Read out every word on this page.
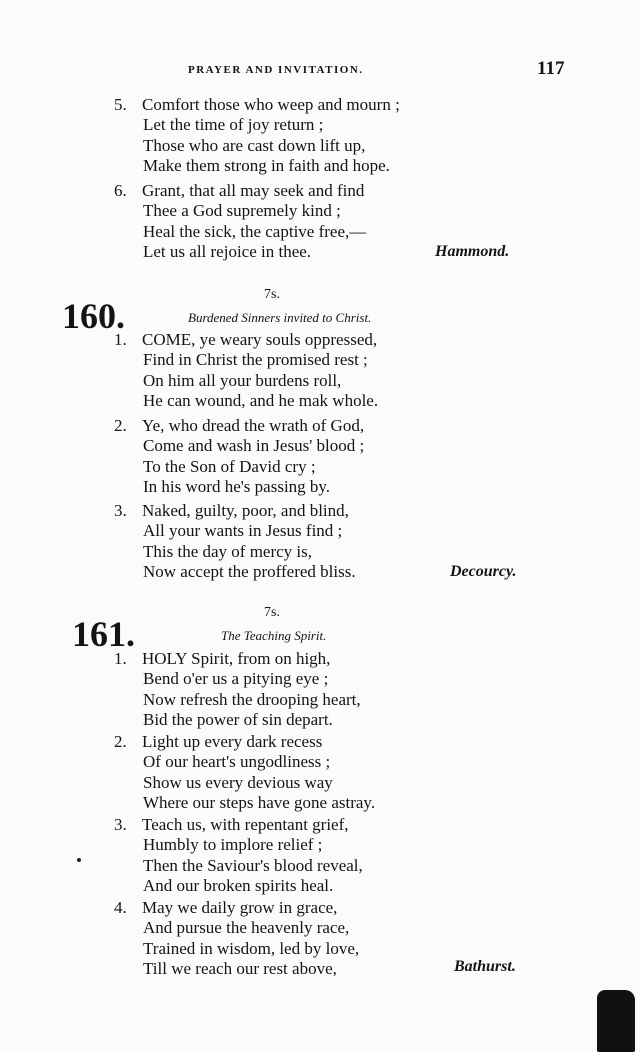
PRAYER AND INVITATION.	117
5. Comfort those who weep and mourn ;
Let the time of joy return ;
Those who are cast down lift up,
Make them strong in faith and hope.
6. Grant, that all may seek and find
Thee a God supremely kind ;
Heal the sick, the captive free,—
Let us all rejoice in thee.	Hammond.
7s.
160.	Burdened Sinners invited to Christ.
1. COME, ye weary souls oppressed,
Find in Christ the promised rest ;
On him all your burdens roll,
He can wound, and he mak whole.
2. Ye, who dread the wrath of God,
Come and wash in Jesus' blood ;
To the Son of David cry ;
In his word he's passing by.
3. Naked, guilty, poor, and blind,
All your wants in Jesus find ;
This the day of mercy is,
Now accept the proffered bliss.	Decourcy.
7s.
161.	The Teaching Spirit.
1. HOLY Spirit, from on high,
Bend o'er us a pitying eye ;
Now refresh the drooping heart,
Bid the power of sin depart.
2. Light up every dark recess
Of our heart's ungodliness ;
Show us every devious way
Where our steps have gone astray.
3. Teach us, with repentant grief,
Humbly to implore relief ;
Then the Saviour's blood reveal,
And our broken spirits heal.
4. May we daily grow in grace,
And pursue the heavenly race,
Trained in wisdom, led by love,
Till we reach our rest above,	Bathurst.
